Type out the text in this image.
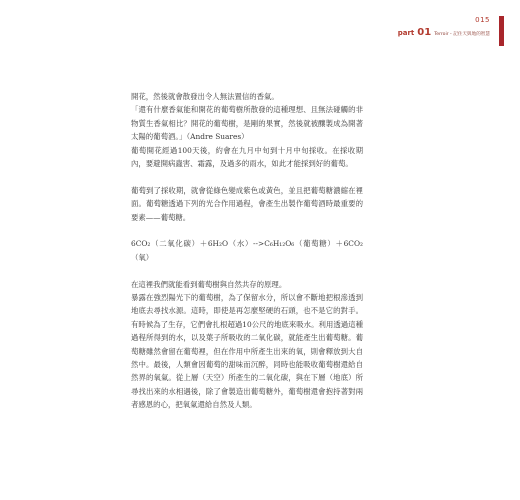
015
part 01 Terroir・記住天與地的智慧

開花，然後就會散發出令人無法置信的香氣。

「還有什麼香氣能和開花的葡萄樹所散發的這種理想、且無法碰觸的非物質生香氣相比？開花的葡萄樹，是剛的果實，然後就被釀製成為開著太陽的葡萄酒。」（Andre Suares）

葡萄開花經過100天後，約會在九月中旬到十月中旬採收。在採收期內，要避開病蟲害、霜露，及過多的雨水，如此才能採到好的葡萄。

葡萄到了採收期，就會從綠色變成紫色或黃色，並且把葡萄糖濃縮在裡面。葡萄糖透過下列的光合作用過程，會產生出製作葡萄酒時最重要的要素——葡萄糖。

6CO₂（二氧化碳）＋6H₂O（水）-->C₆H₁₂O₆（葡萄糖）＋6CO₂（氧）

在這裡我們就能看到葡萄樹與自然共存的原理。

暴露在強烈陽光下的葡萄樹，為了保留水分，所以會不斷地把根滲透到地底去尋找水源。這時，即使是再怎麼堅硬的石頭，也不是它的對手。有時候為了生存，它們會扎根超過10公尺的地底來吸水。利用透過這種過程所得到的水，以及葉子所吸收的二氧化碳，就能產生出葡萄糖。葡萄糖雖然會留在葡萄裡，但在作用中所產生出來的氧，則會釋放到大自然中。最後，人類會因葡萄的甜味而沉醉，同時也能吸收葡萄樹還給自然界的氧氣。從上層（天空）所產生的二氧化碳，與在下層（地底）所尋找出來的水相遇後，除了會製造出葡萄糖外，葡萄樹還會抱持著對兩者感恩的心，把氧氣還給自然及人類。
